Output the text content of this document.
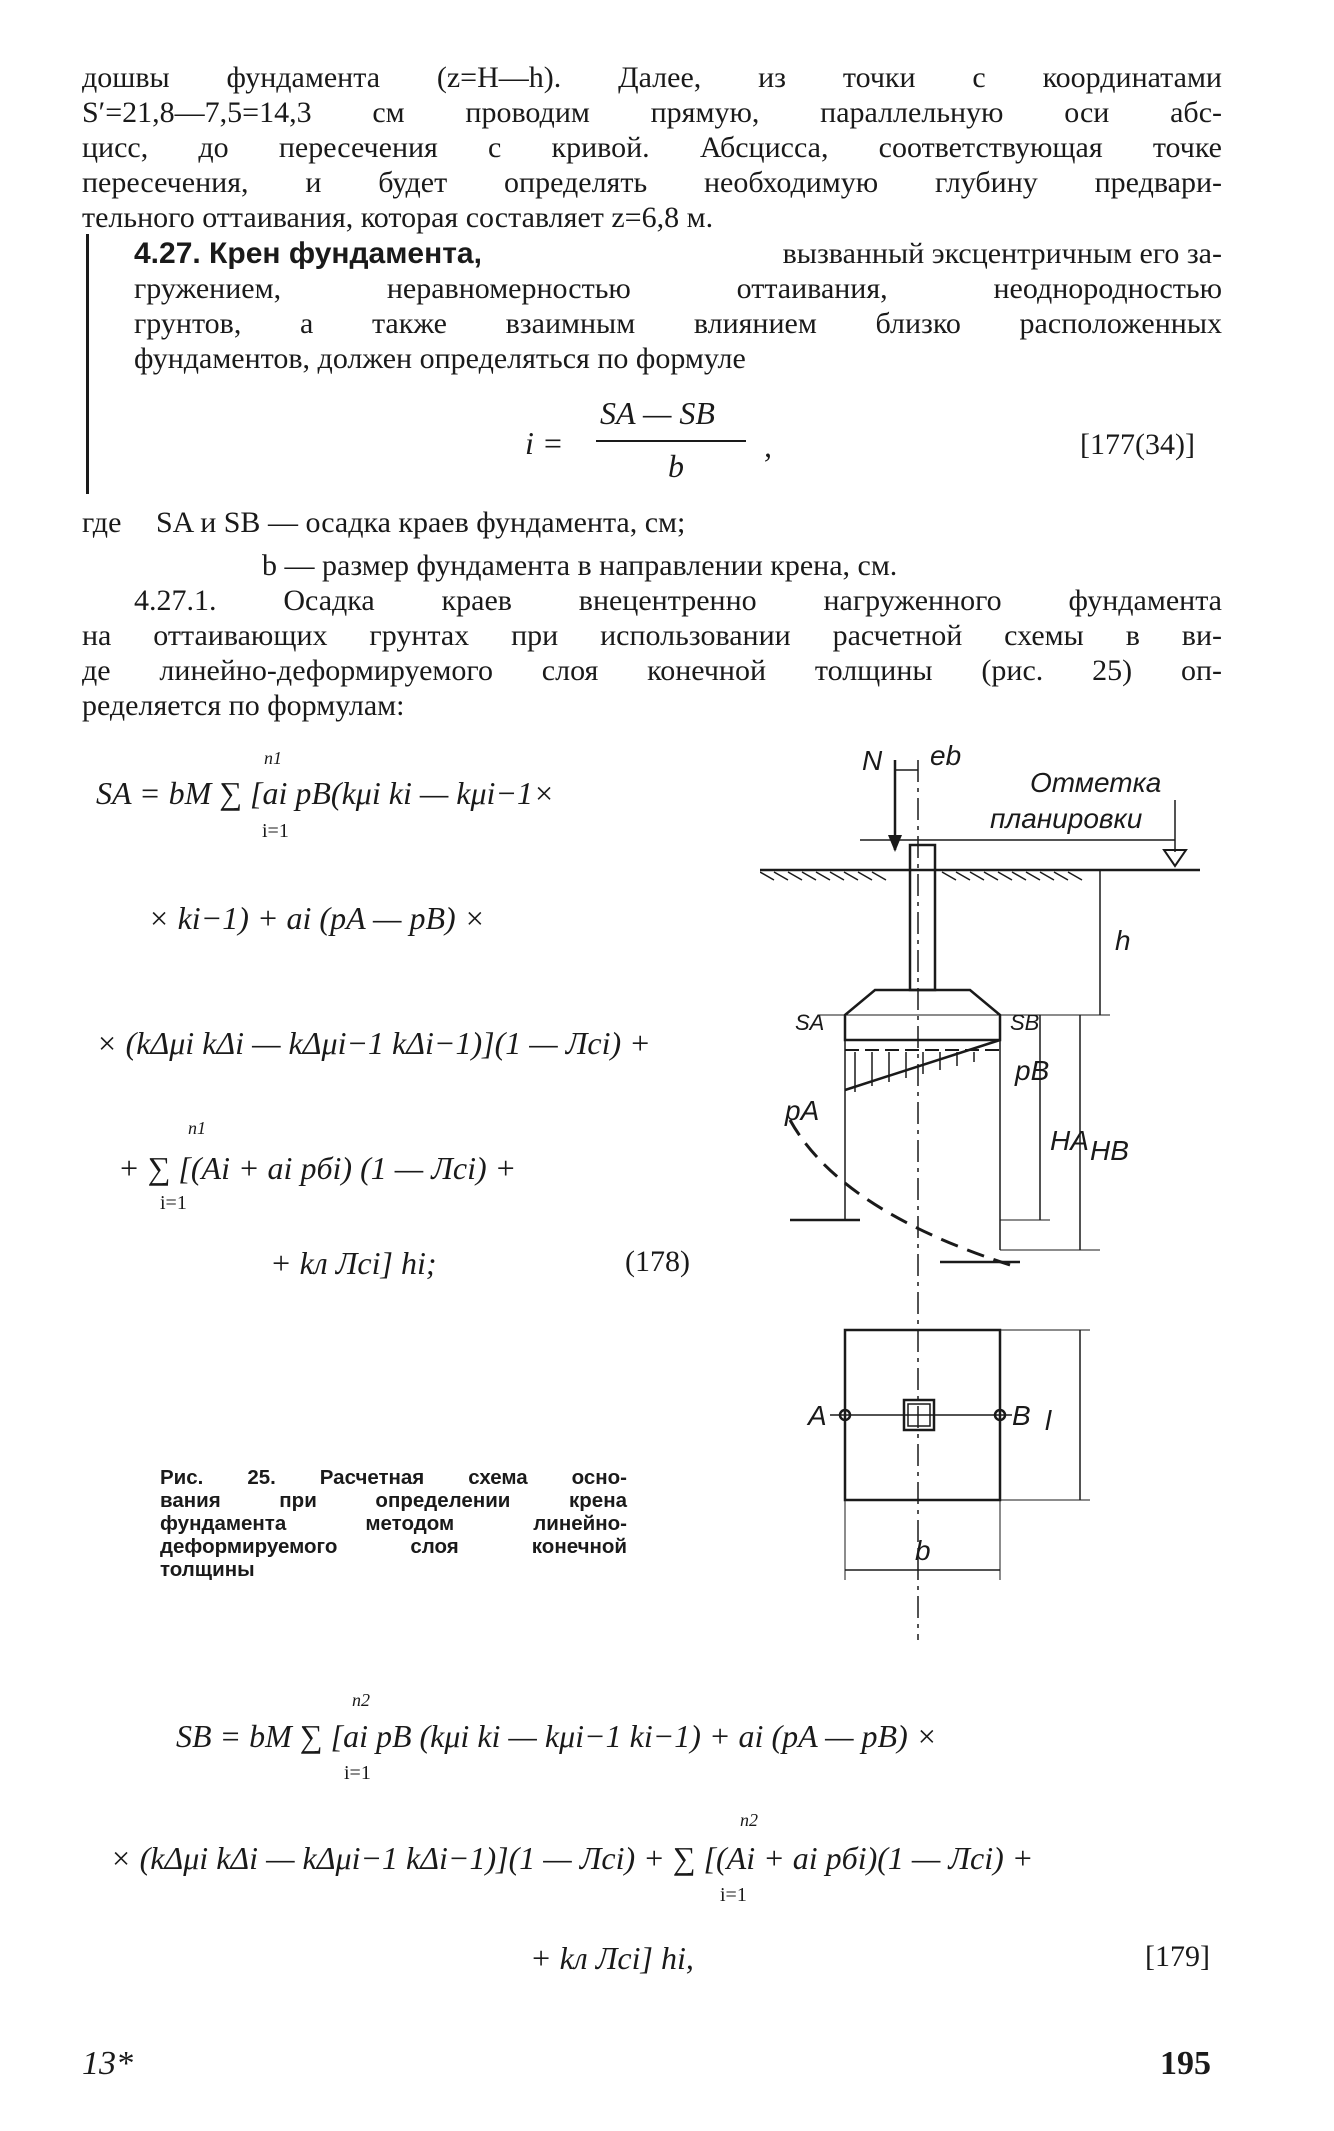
дошвы фундамента (z=H—h). Далее, из точки с координатами
S′=21,8—7,5=14,3 см проводим прямую, параллельную оси абс-
цисс, до пересечения с кривой. Абсцисса, соответствующая точке
пересечения, и будет определять необходимую глубину предвари-
тельного оттаивания, которая составляет z=6,8 м.
4.27. Крен фундамента,	вызванный эксцентричным его за-
гружением, неравномерностью оттаивания, неоднородностью
грунтов, а также взаимным влиянием близко расположенных
фундаментов, должен определяться по формуле
i =
SA — SB
b
,	[177(34)]
где SA и SB — осадка краев фундамента, см;
b — размер фундамента в направлении крена, см.
4.27.1. Осадка краев внецентренно нагруженного фундамента
на оттаивающих грунтах при использовании расчетной схемы в ви-
де линейно-деформируемого слоя конечной толщины (рис. 25) оп-
ределяется по формулам:
n1
i=1
SA = bM ∑ [ai pB(kμi ki — kμi−1×
× ki−1) + ai (pA — pB) ×
× (kΔμi kΔi — kΔμi−1 kΔi−1)](1 — Лci) +
n1
i=1
+ ∑ [(Ai + ai pбi) (1 — Лci) +
+ kл Лci] hi;	(178)
N eb
Отметка
планировки
h
SA	SB
pA
pB
HA HB
A	B l
b
Рис. 25. Расчетная схема осно-
вания при определении крена
фундамента методом линейно-
деформируемого слоя конечной
толщины
n2
i=1
SB = bM ∑ [ai pB (kμi ki — kμi−1 ki−1) + ai (pA — pB) ×
n2
i=1
× (kΔμi kΔi — kΔμi−1 kΔi−1)](1 — Лci) + ∑ [(Ai + ai pбi)(1 — Лci) +
+ kл Лci] hi,	[179]
13*	195
